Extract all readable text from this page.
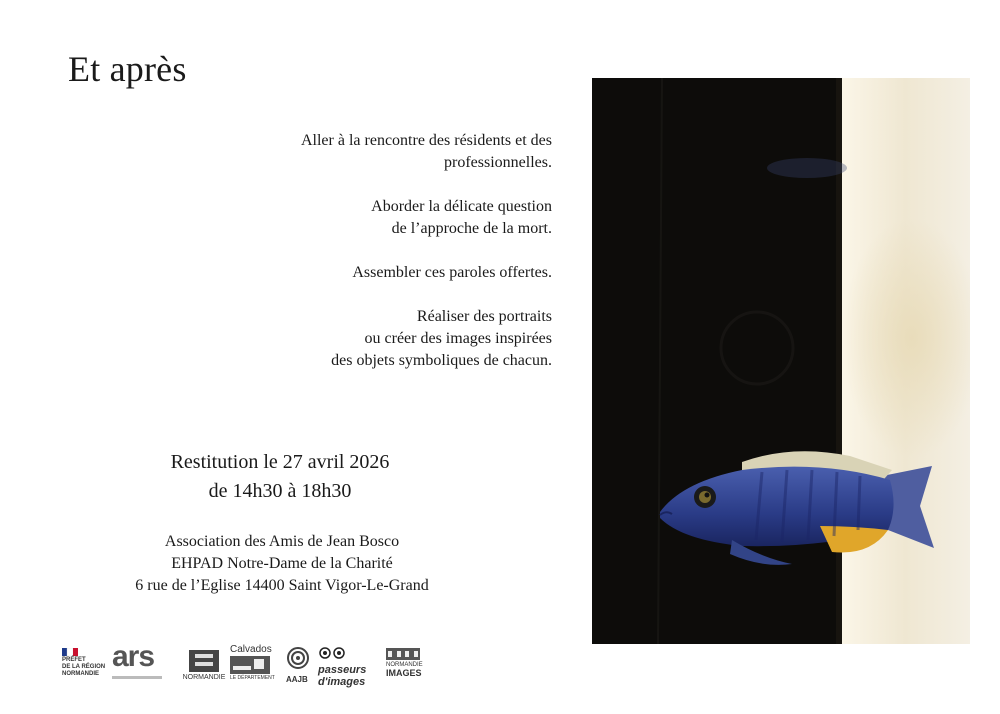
Et après

Aller à la rencontre des résidents et des
professionnelles.

Aborder la délicate question
de l’approche de la mort.

Assembler ces paroles offertes.

Réaliser des portraits
ou créer des images inspirées
des objets symboliques de chacun.

Restitution le 27 avril 2026
de 14h30 à 18h30
Association des Amis de Jean Bosco
EHPAD Notre-Dame de la Charité
6 rue de l’Eglise 14400 Saint Vigor-Le-Grand
PRÉFET
DE LA RÉGION
NORMANDIE
ars
NORMANDIE
Calvados
LE DÉPARTEMENT	AAJB
passeurs
d'images
NORMANDIE
IMAGES
